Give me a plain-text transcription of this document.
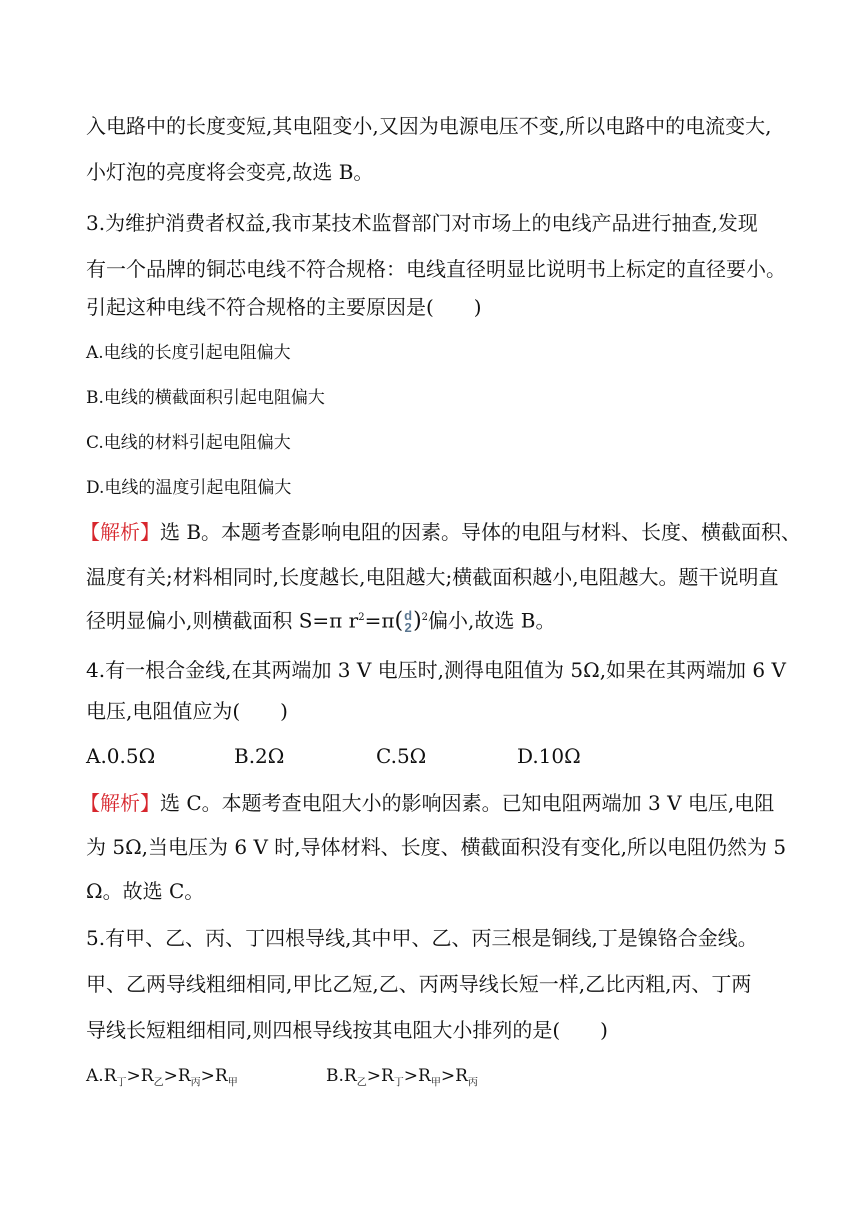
入电路中的长度变短,其电阻变小,又因为电源电压不变,所以电路中的电流变大,
小灯泡的亮度将会变亮,故选 B。
3.为维护消费者权益,我市某技术监督部门对市场上的电线产品进行抽查,发现
有一个品牌的铜芯电线不符合规格：电线直径明显比说明书上标定的直径要小。
引起这种电线不符合规格的主要原因是(　　)
A.电线的长度引起电阻偏大
B.电线的横截面积引起电阻偏大
C.电线的材料引起电阻偏大
D.电线的温度引起电阻偏大
【解析】选 B。本题考查影响电阻的因素。导体的电阻与材料、长度、横截面积、
温度有关;材料相同时,长度越长,电阻越大;横截面积越小,电阻越大。题干说明直
径明显偏小,则横截面积 S=π $r^2=\pi$( d
2 )$^2$偏小,故选 B。
4.有一根合金线,在其两端加 3 V 电压时,测得电阻值为 5Ω,如果在其两端加 6 V
电压,电阻值应为(　　)
A.0.5Ω	B.2Ω	C.5Ω	D.10Ω
【解析】选 C。本题考查电阻大小的影响因素。已知电阻两端加 3 V 电压,电阻
为 5Ω,当电压为 6 V 时,导体材料、长度、横截面积没有变化,所以电阻仍然为 5
Ω。故选 C。
5.有甲、乙、丙、丁四根导线,其中甲、乙、丙三根是铜线,丁是镍铬合金线。
甲、乙两导线粗细相同,甲比乙短,乙、丙两导线长短一样,乙比丙粗,丙、丁两
导线长短粗细相同,则四根导线按其电阻大小排列的是(　　)
$A.R_丁>R_乙>R_丙>R_甲$	$B.R_乙>R_丁>R_甲>R_丙$
